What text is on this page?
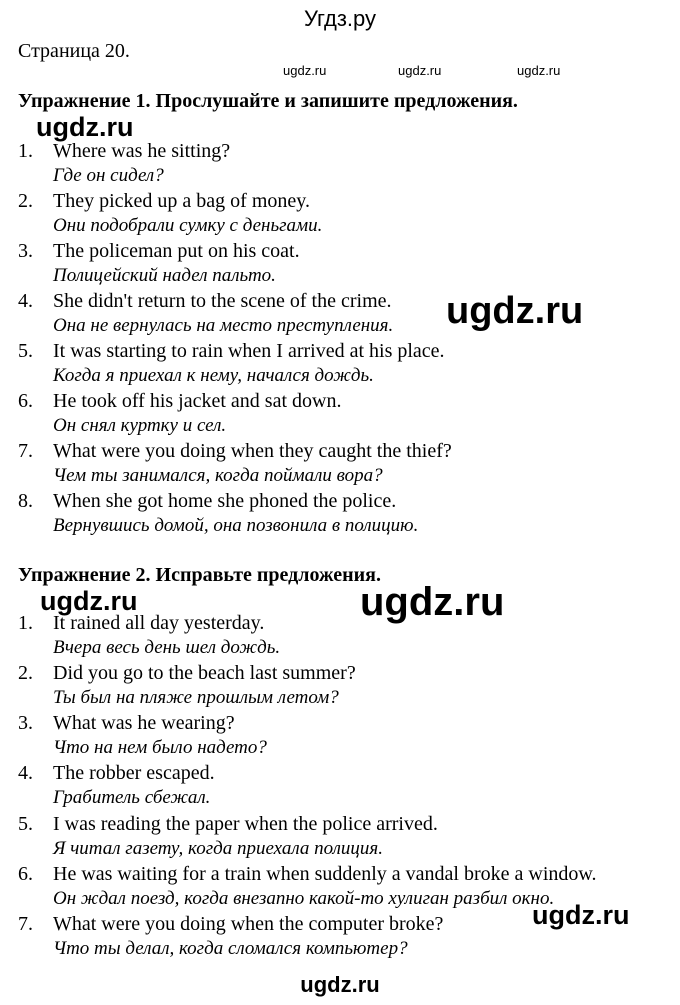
Угдз.ру
Страница 20.
ugdz.ru	ugdz.ru	ugdz.ru
Упражнение 1. Прослушайте и запишите предложения.
ugdz.ru
1. Where was he sitting?
Где он сидел?
2. They picked up a bag of money.
Они подобрали сумку с деньгами.
3. The policeman put on his coat.
Полицейский надел пальто.
4. She didn't return to the scene of the crime.
Она не вернулась на место преступления.
5. It was starting to rain when I arrived at his place.
Когда я приехал к нему, начался дождь.
6. He took off his jacket and sat down.
Он снял куртку и сел.
7. What were you doing when they caught the thief?
Чем ты занимался, когда поймали вора?
8. When she got home she phoned the police.
Вернувшись домой, она позвонила в полицию.
ugdz.ru
Упражнение 2. Исправьте предложения.
ugdz.ru	ugdz.ru
1. It rained all day yesterday.
Вчера весь день шел дождь.
2. Did you go to the beach last summer?
Ты был на пляже прошлым летом?
3. What was he wearing?
Что на нем было надето?
4. The robber escaped.
Грабитель сбежал.
5. I was reading the paper when the police arrived.
Я читал газету, когда приехала полиция.
6. He was waiting for a train when suddenly a vandal broke a window.
Он ждал поезд, когда внезапно какой-то хулиган разбил окно.
7. What were you doing when the computer broke?
Что ты делал, когда сломался компьютер?
ugdz.ru
ugdz.ru
